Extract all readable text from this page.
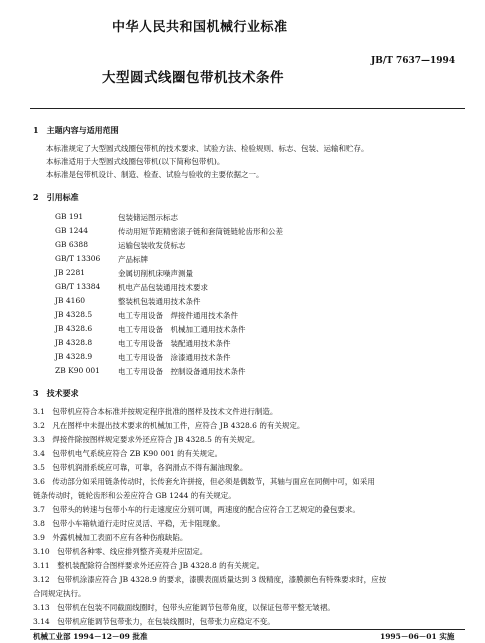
中华人民共和国机械行业标准
JB/T 7637—1994
大型圆式线圈包带机技术条件
1　主题内容与适用范围
本标准规定了大型圆式线圈包带机的技术要求、试验方法、检验规则、标志、包装、运输和贮存。
本标准适用于大型圆式线圈包带机(以下简称包带机)。
本标准是包带机设计、制造、检查、试验与验收的主要依据之一。
2　引用标准
GB 191	包装储运图示标志
GB 1244	传动用短节距精密滚子链和套筒链链轮齿形和公差
GB 6388	运输包装收发货标志
GB/T 13306 产品标牌
JB 2281	金属切削机床噪声测量
GB/T 13384 机电产品包装通用技术要求
JB 4160	整装机包装通用技术条件
JB 4328.5	电工专用设备　焊接件通用技术条件
JB 4328.6	电工专用设备　机械加工通用技术条件
JB 4328.8	电工专用设备　装配通用技术条件
JB 4328.9	电工专用设备　涂漆通用技术条件
ZB K90 001 电工专用设备　控制设备通用技术条件
3　技术要求
3.1　包带机应符合本标准并按规定程序批准的图样及技术文件进行制造。
3.2　凡在图样中未提出技术要求的机械加工件，应符合 JB 4328.6 的有关规定。
3.3　焊接件除按图样规定要求外还应符合 JB 4328.5 的有关规定。
3.4　包带机电气系统应符合 ZB K90 001 的有关规定。
3.5　包带机润滑系统应可靠，可靠，各润滑点不得有漏油现象。
3.6　传动部分如采用链条传动时，长传套允许拼接，但必须是偶数节，其轴与面应在同侧中可，如采用
链条传动时，链轮齿形和公差应符合 GB 1244 的有关规定。
3.7　包带头的转速与包带小车的行走速度应分别可调，两速度的配合应符合工艺规定的叠包要求。
3.8　包带小车箱轨道行走时应灵活、平稳，无卡阻现象。
3.9　外露机械加工表面不应有各种伤痕缺陷。
3.10　包带机各种零、线应排列整齐美观并应固定。
3.11　整机装配除符合图样要求外还应符合 JB 4328.8 的有关规定。
3.12　包带机涂漆应符合 JB 4328.9 的要求，漆膜表面质量达到 3 级精度，漆膜颜色有特殊要求时，应按
合同规定执行。
3.13　包带机在包装不同截面线圈时，包带头应能调节包带角度，以保证包带平整无皱褶。
3.14　包带机应能调节包带张力，在包装线圈时，包带张力应稳定不变。
机械工业部 1994－12－09 批准	1995－06－01 实施
